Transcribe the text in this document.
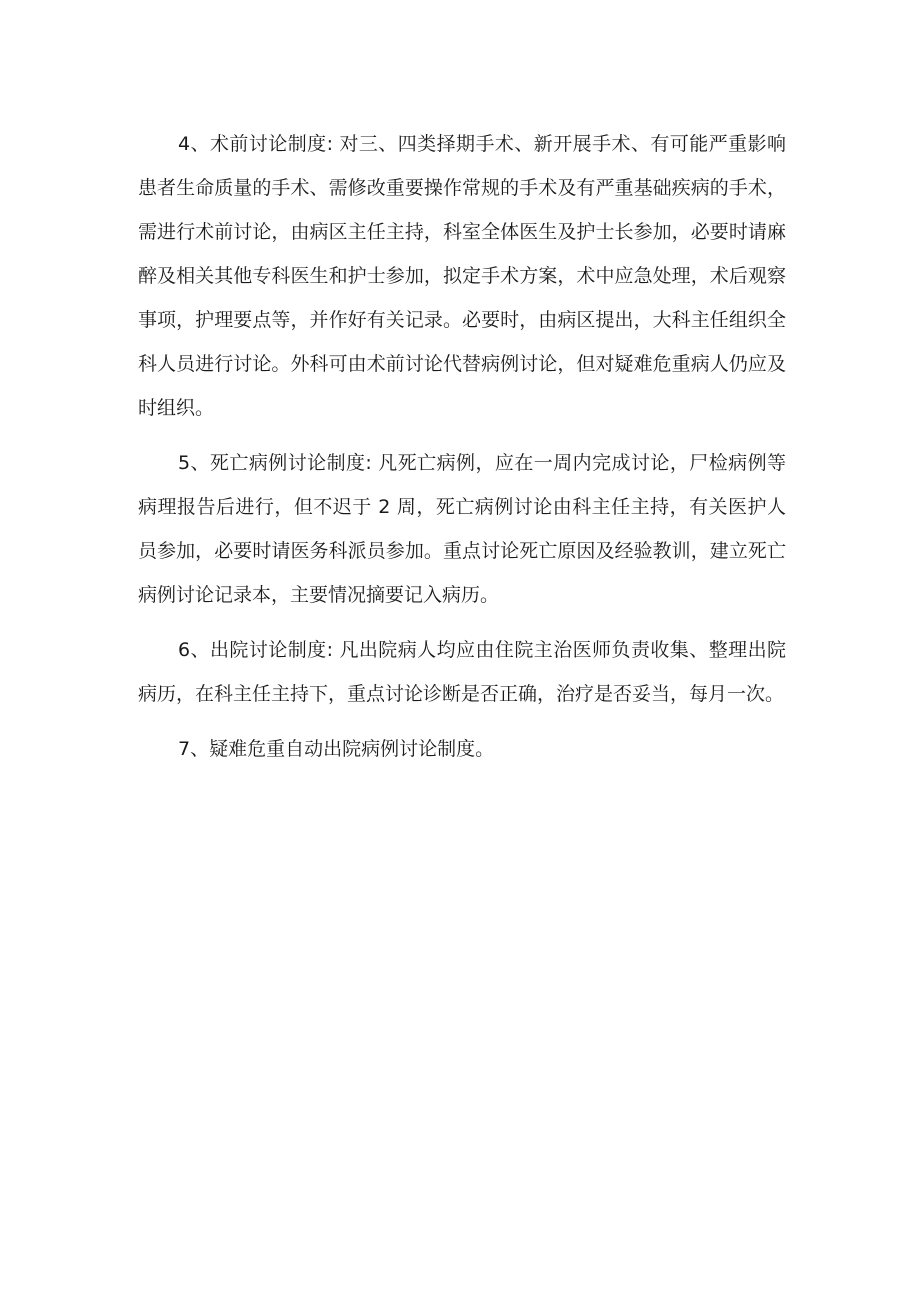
4、术前讨论制度: 对三、四类择期手术、新开展手术、有可能严重影响患者生命质量的手术、需修改重要操作常规的手术及有严重基础疾病的手术，需进行术前讨论，由病区主任主持，科室全体医生及护士长参加，必要时请麻醉及相关其他专科医生和护士参加，拟定手术方案，术中应急处理，术后观察事项，护理要点等，并作好有关记录。必要时，由病区提出，大科主任组织全科人员进行讨论。外科可由术前讨论代替病例讨论，但对疑难危重病人仍应及时组织。

5、死亡病例讨论制度: 凡死亡病例，应在一周内完成讨论，尸检病例等病理报告后进行，但不迟于 2 周，死亡病例讨论由科主任主持，有关医护人员参加，必要时请医务科派员参加。重点讨论死亡原因及经验教训，建立死亡病例讨论记录本，主要情况摘要记入病历。

6、出院讨论制度: 凡出院病人均应由住院主治医师负责收集、整理出院病历，在科主任主持下，重点讨论诊断是否正确，治疗是否妥当，每月一次。

7、疑难危重自动出院病例讨论制度。
